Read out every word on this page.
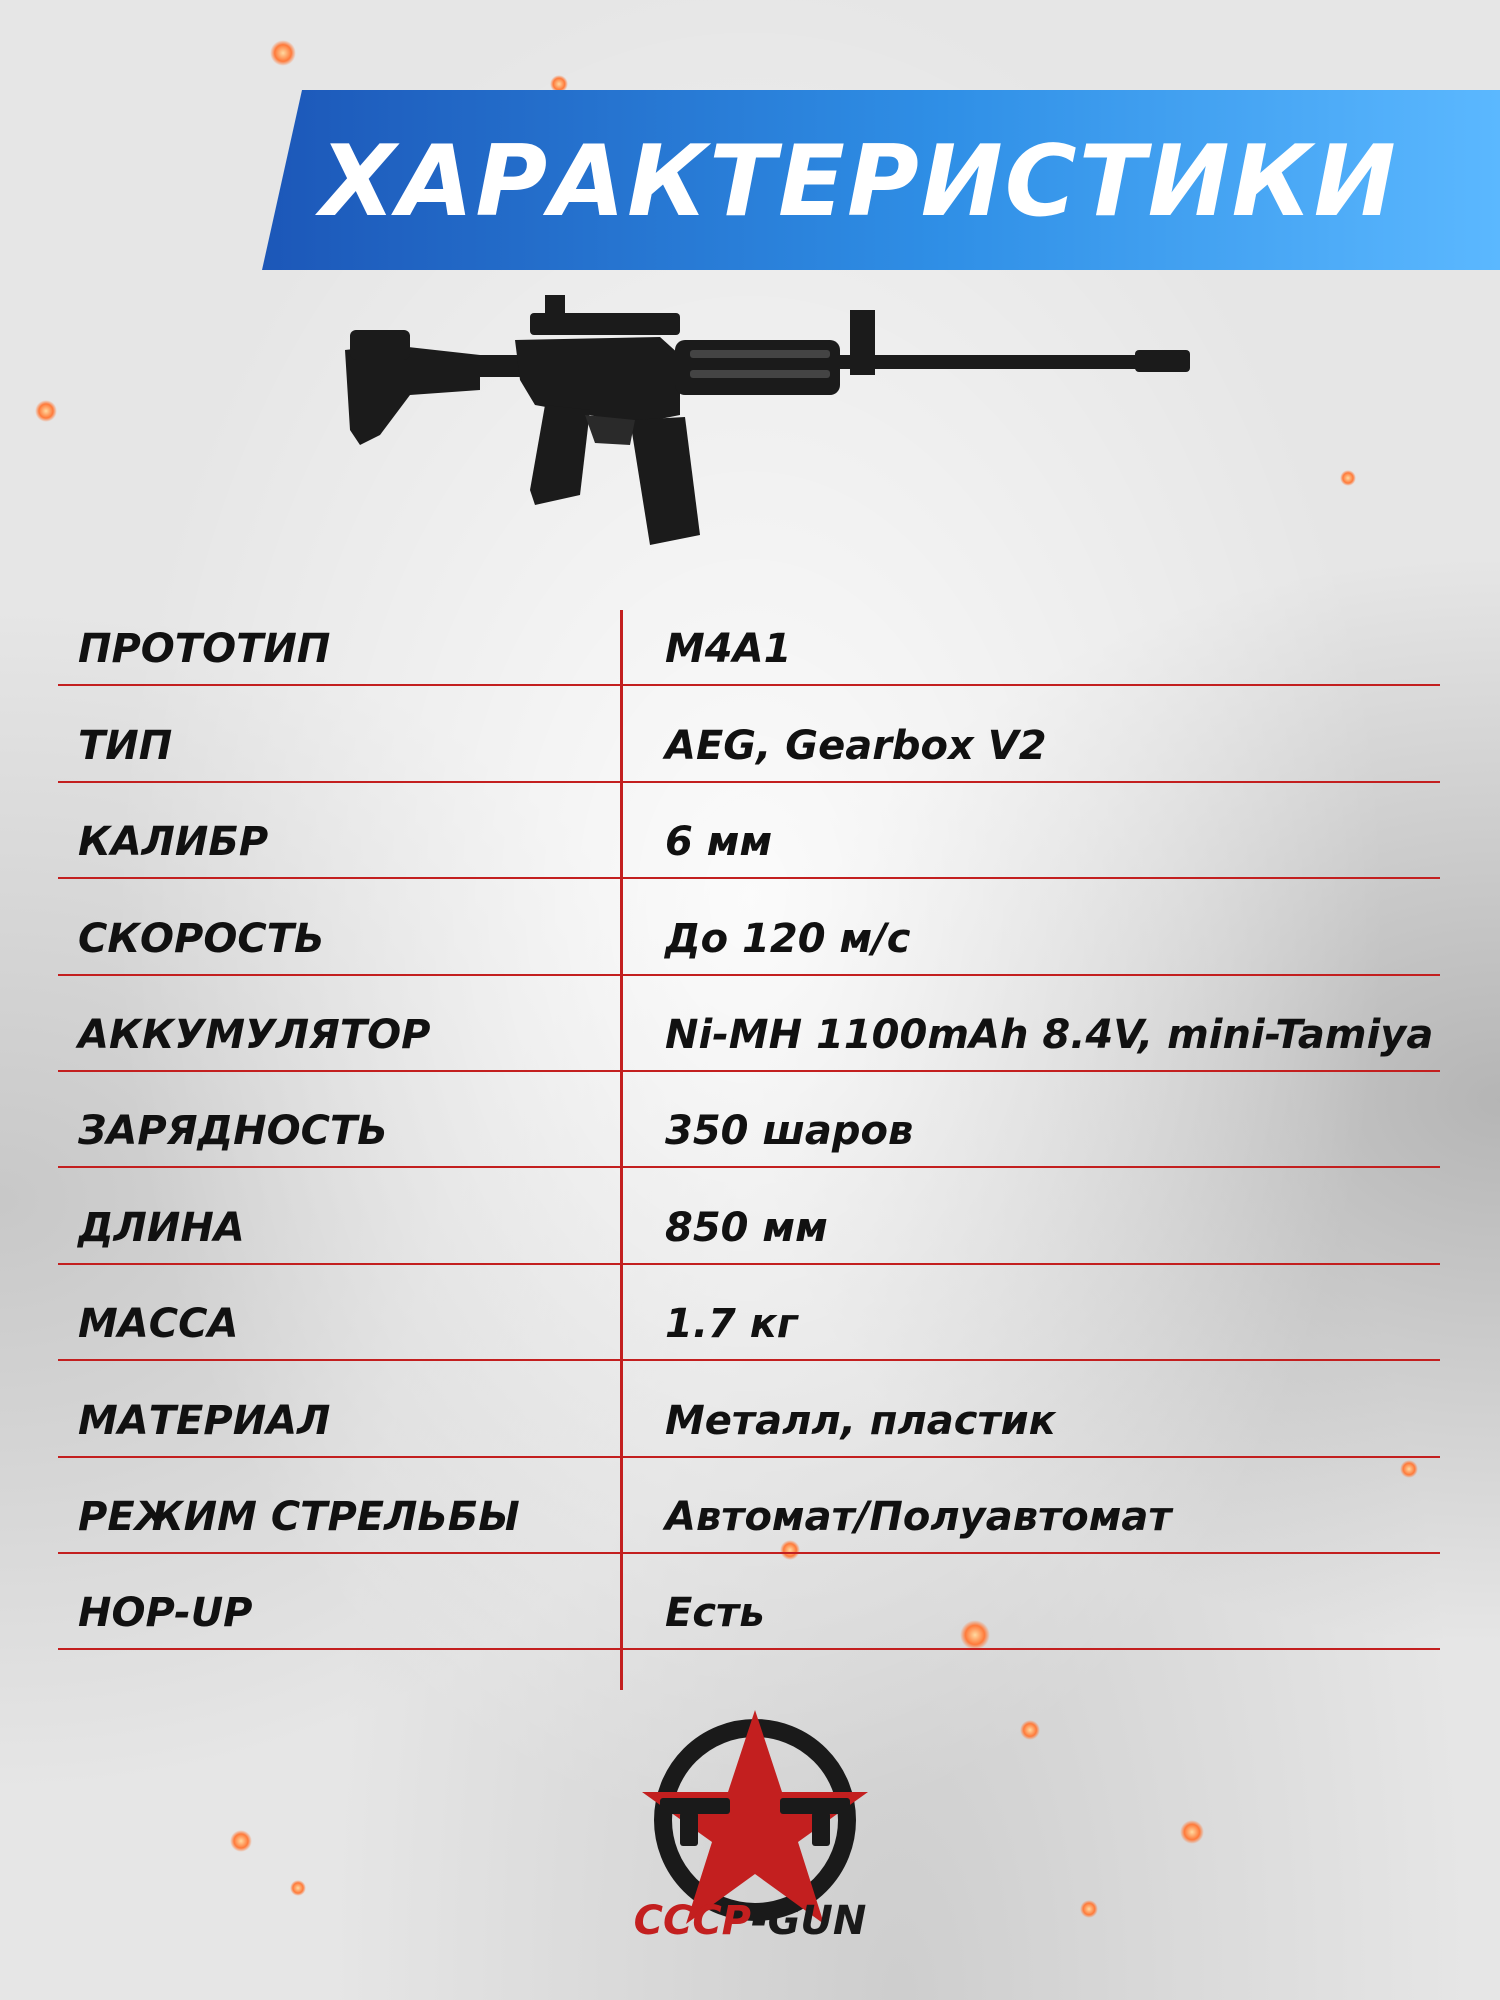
ХАРАКТЕРИСТИКИ
ПРОТОТИП	M4A1
ТИП	AEG, Gearbox V2
КАЛИБР	6 мм
СКОРОСТЬ	До 120 м/с
АККУМУЛЯТОР	Ni-MH 1100mAh 8.4V, mini-Tamiya
ЗАРЯДНОСТЬ	350 шаров
ДЛИНА	850 мм
МАССА	1.7 кг
МАТЕРИАЛ	Металл, пластик
РЕЖИМ СТРЕЛЬБЫ	Автомат/Полуавтомат
HOP-UP	Есть
СССР-GUN
